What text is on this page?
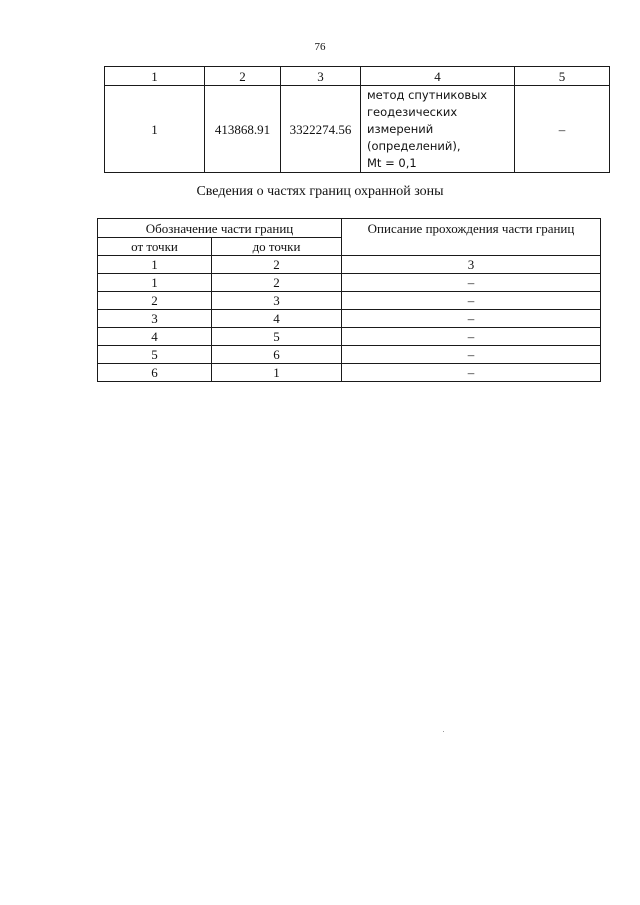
76
1	2	3	4	5
1	413868.91	3322274.56	метод спутниковых
геодезических
измерений
(определений),
Mt = 0,1	–
Сведения о частях границ охранной зоны
Обозначение части границ		Описание прохождения части границ
от точки	до точки	
1	2	3
1	2	–
2	3	–
3	4	–
4	5	–
5	6	–
6	1	–
